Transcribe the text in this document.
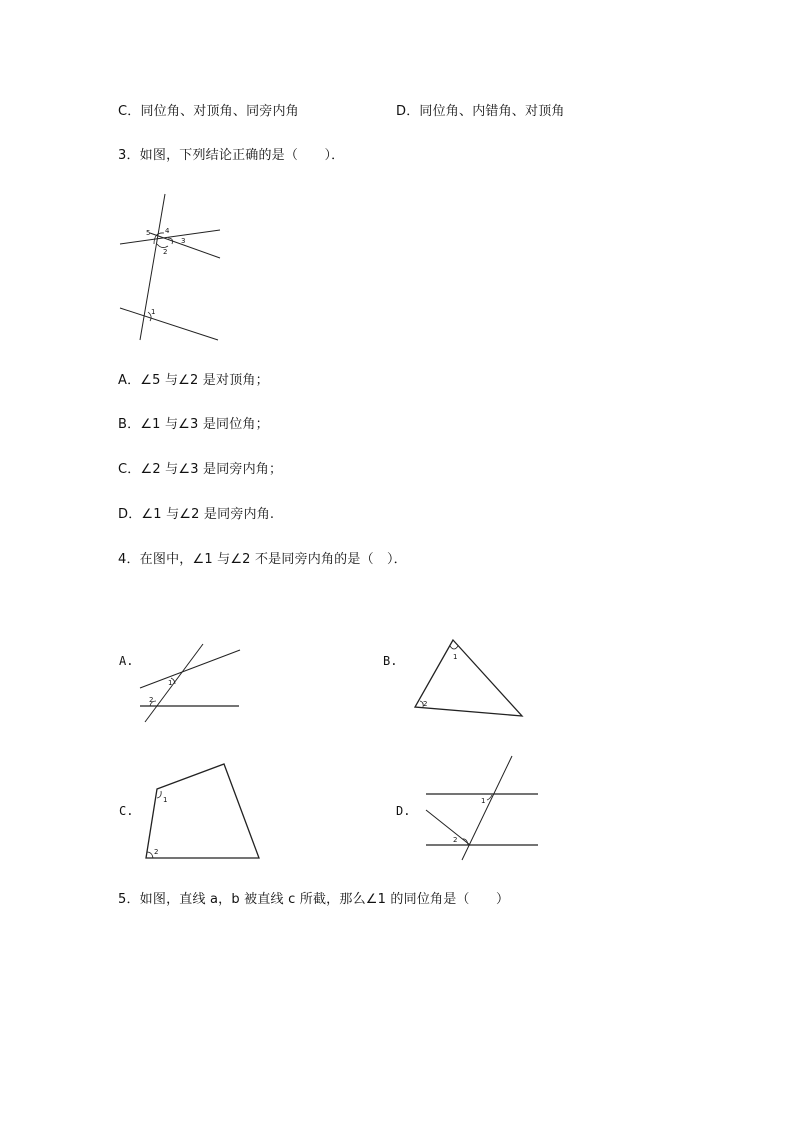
C．同位角、对顶角、同旁内角	D．同位角、内错角、对顶角
3．如图，下列结论正确的是（　　）．
5 4
3
2
1
A．∠5 与∠2 是对顶角；
B．∠1 与∠3 是同位角；
C．∠2 与∠3 是同旁内角；
D．∠1 与∠2 是同旁内角.
4．在图中，∠1 与∠2 不是同旁内角的是（　）．
A.
1
2
B.	1
2
C.
1
2
D.
1
2
5．如图，直线 a，b 被直线 c 所截，那么∠1 的同位角是（　　）
